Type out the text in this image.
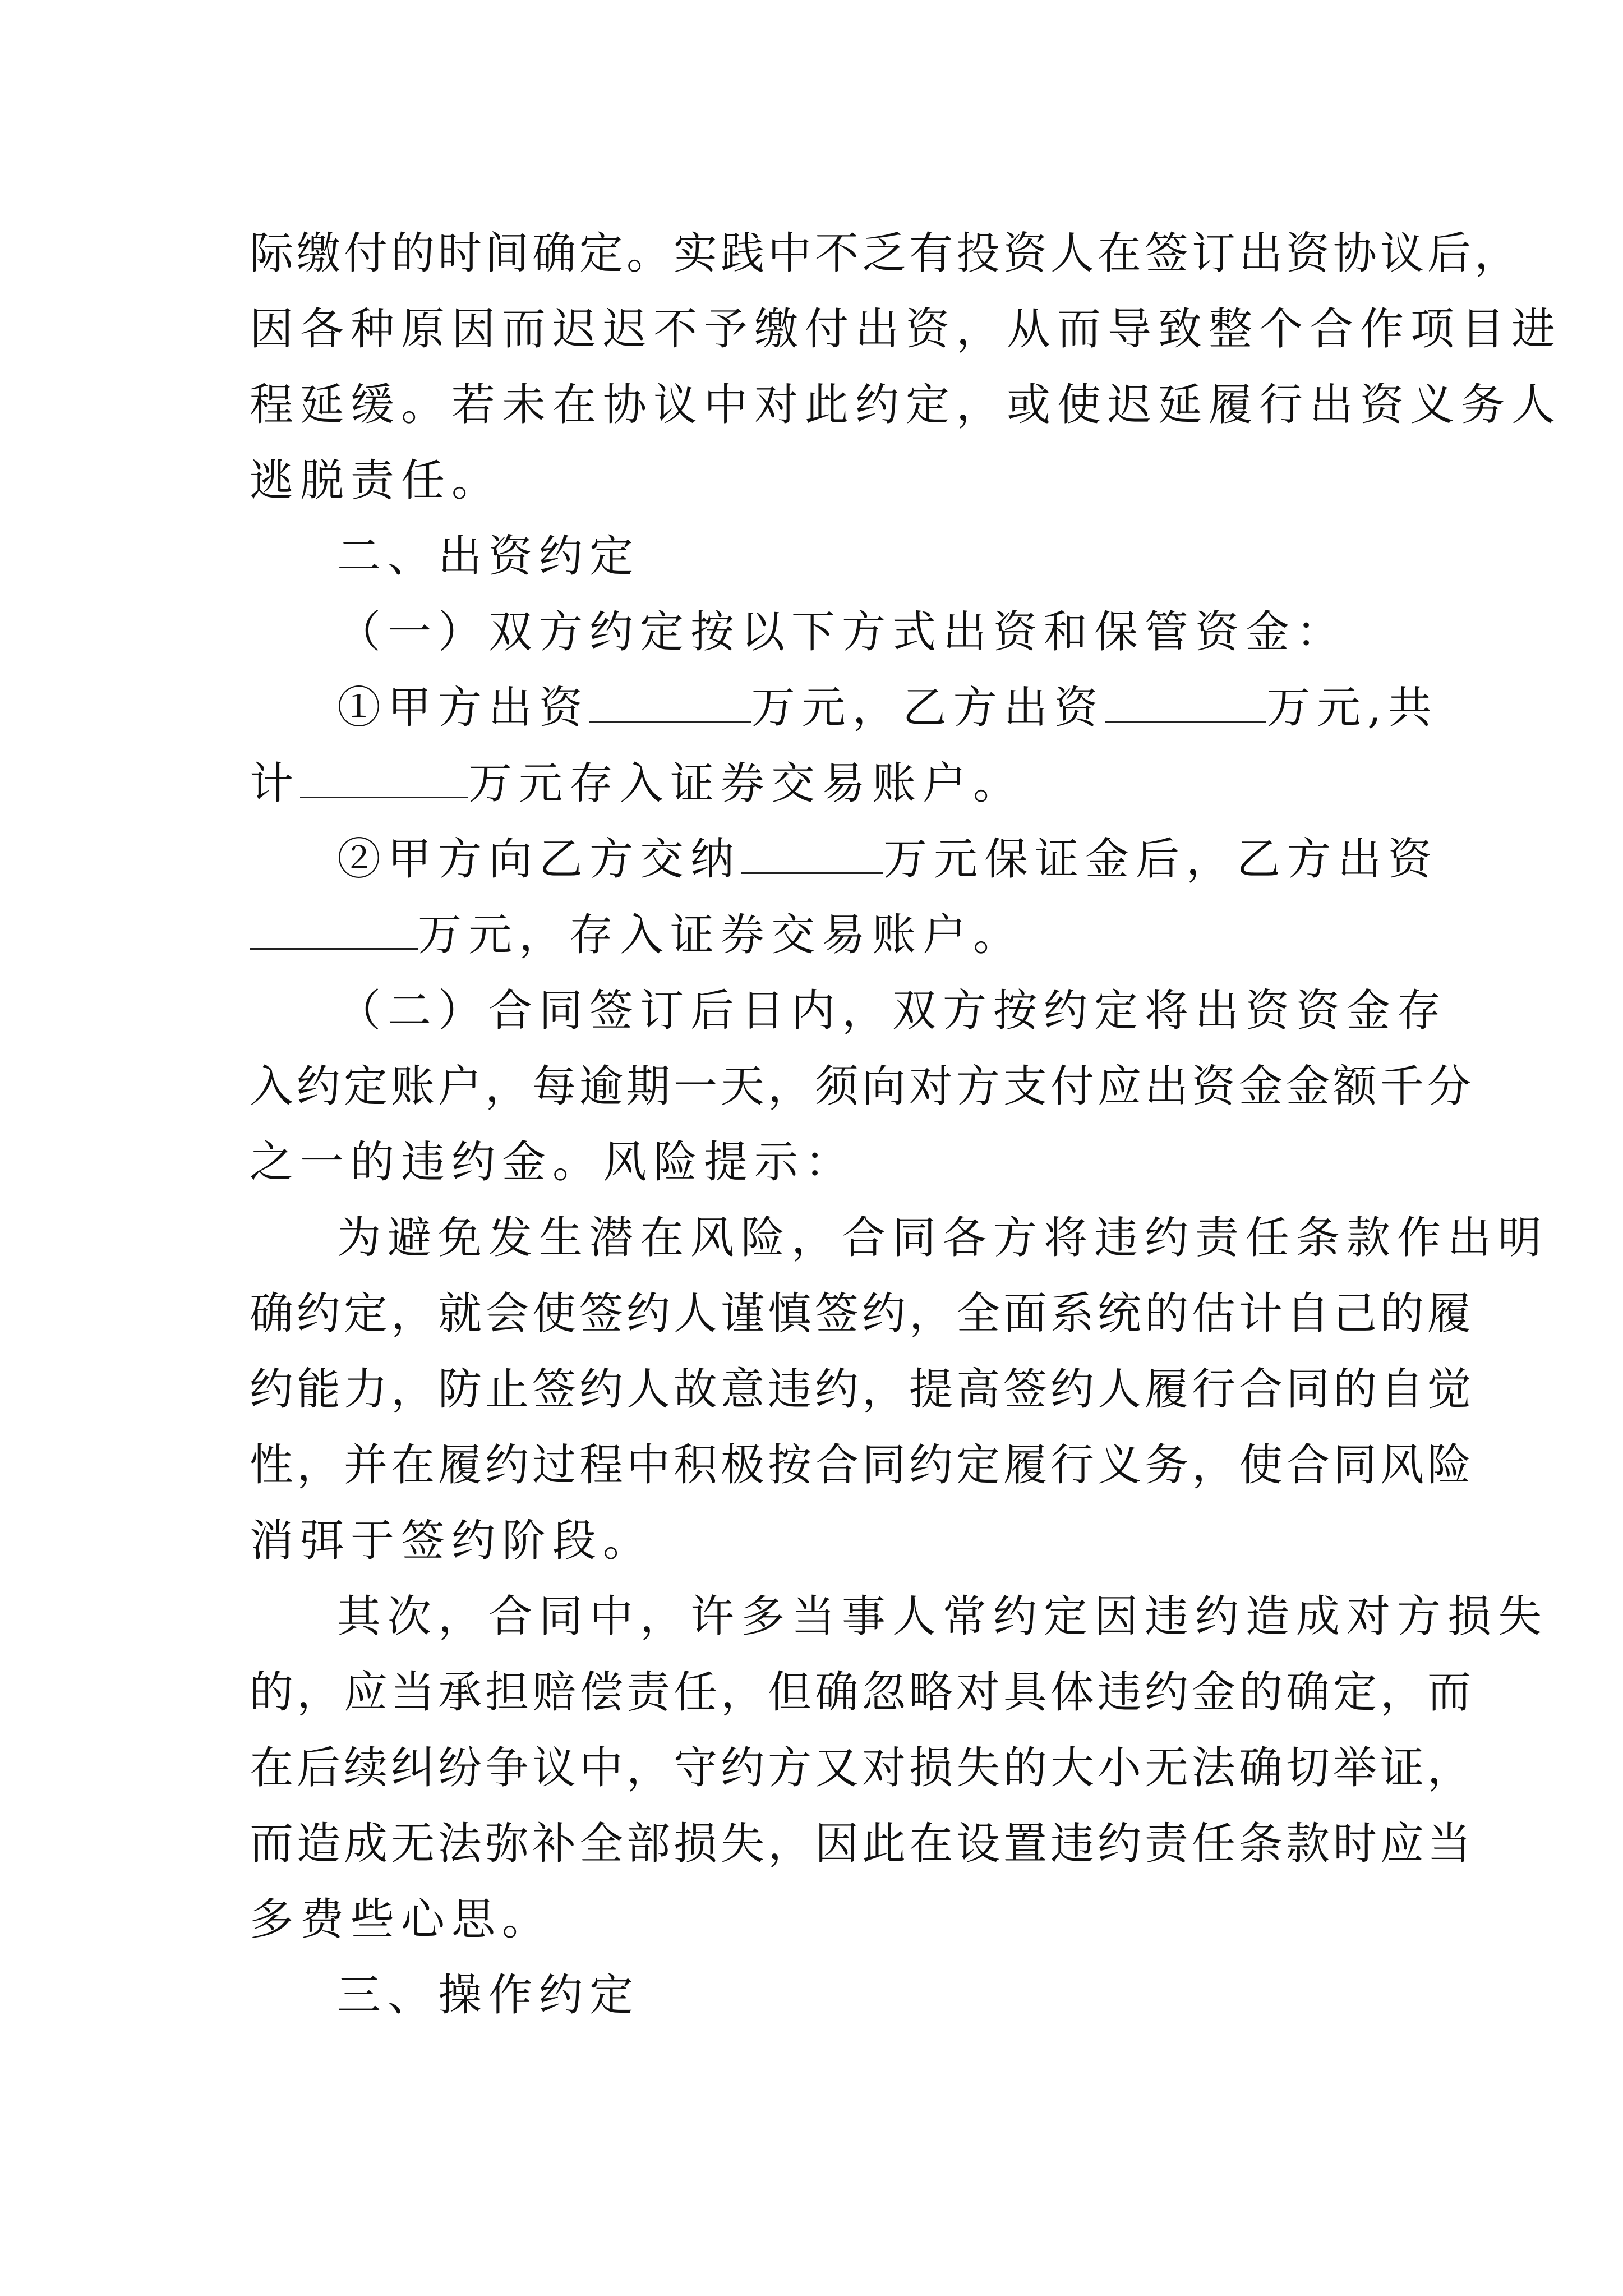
际缴付的时间确定。实践中不乏有投资人在签订出资协议后，
因各种原因而迟迟不予缴付出资，从而导致整个合作项目进
程延缓。若未在协议中对此约定，或使迟延履行出资义务人
逃脱责任。
二、出资约定
（一）双方约定按以下方式出资和保管资金：
①甲方出资	万元，乙方出资	万元,共
计	万元存入证券交易账户。
②甲方向乙方交纳	万元保证金后，乙方出资
万元，存入证券交易账户。
（二）合同签订后 日内，双方按约定将出资资金存
入约定账户，每逾期一天，须向对方支付应出资金金额千分
之一的违约金。风险提示：
为避免发生潜在风险，合同各方将违约责任条款作出明
确约定，就会使签约人谨慎签约，全面系统的估计自己的履
约能力，防止签约人故意违约，提高签约人履行合同的自觉
性，并在履约过程中积极按合同约定履行义务，使合同风险
消弭于签约阶段。
其次，合同中，许多当事人常约定因违约造成对方损失
的，应当承担赔偿责任，但确忽略对具体违约金的确定，而
在后续纠纷争议中，守约方又对损失的大小无法确切举证，
而造成无法弥补全部损失，因此在设置违约责任条款时应当
多费些心思。
三、操作约定
